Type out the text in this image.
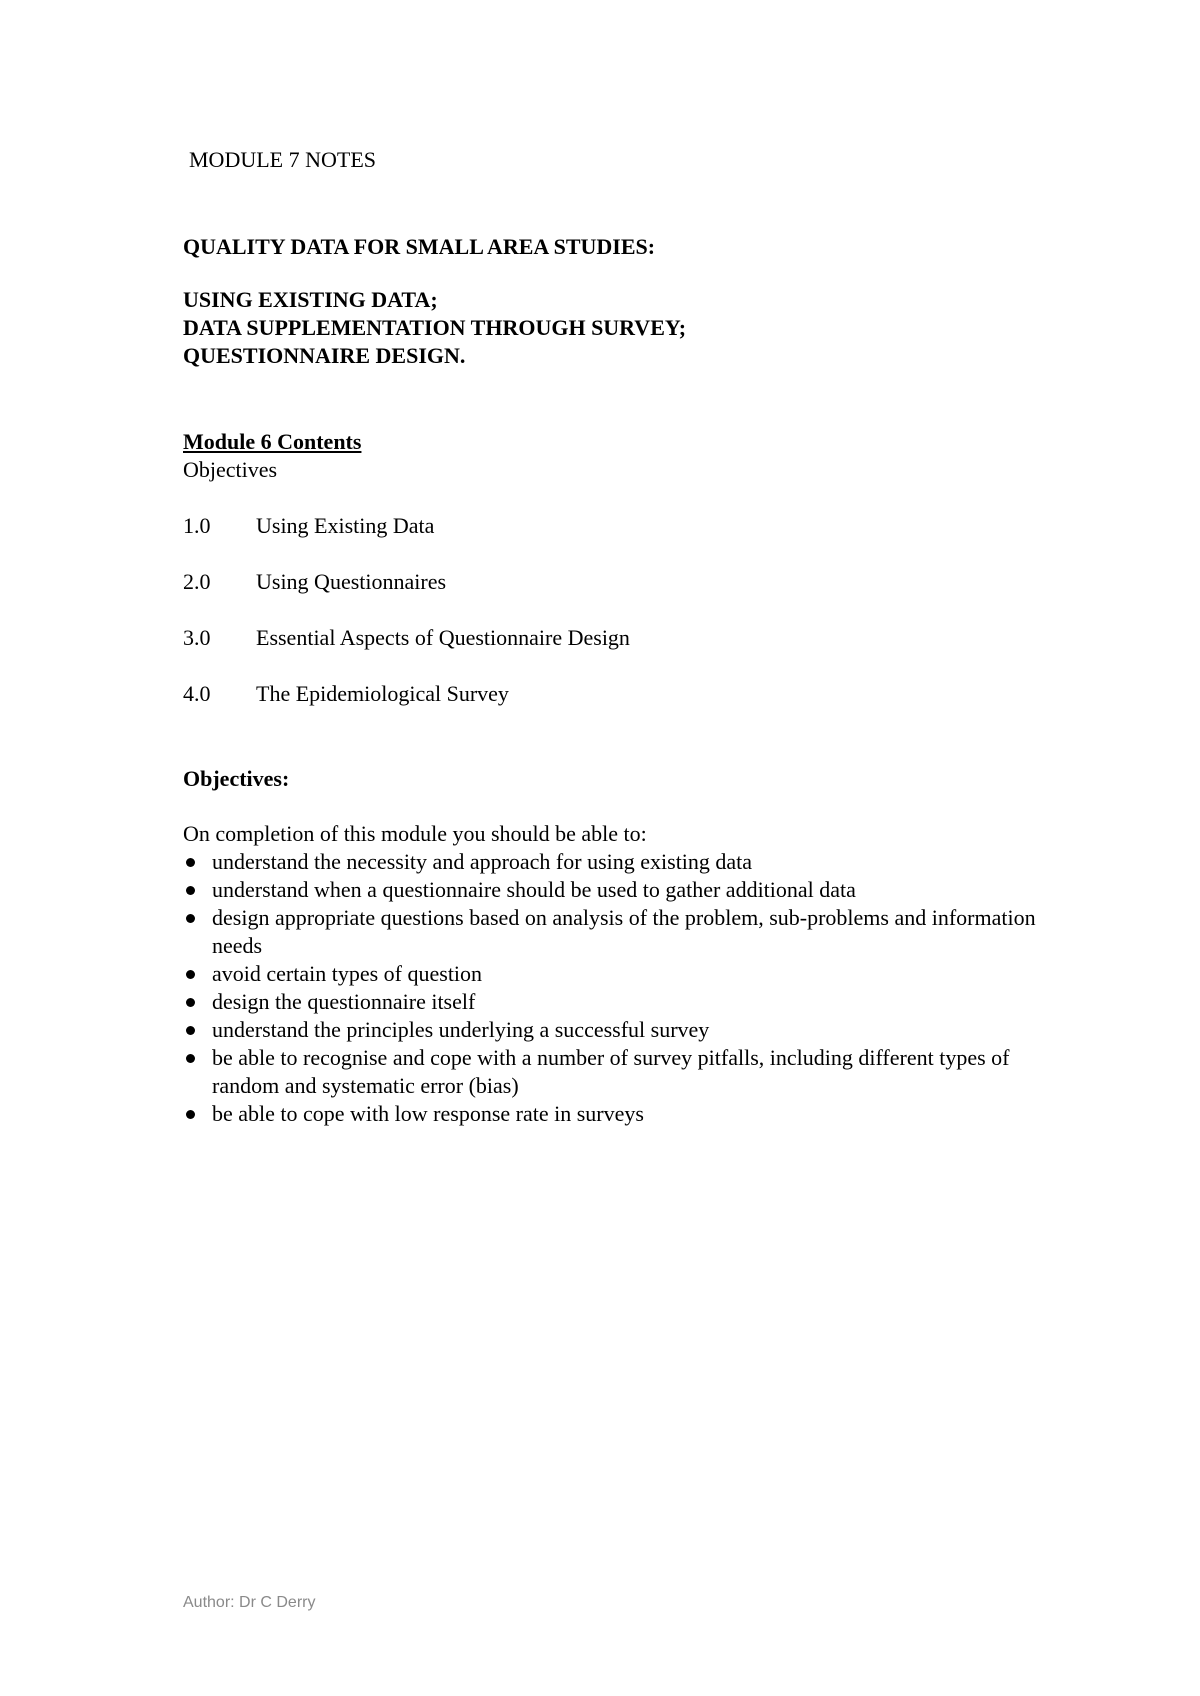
MODULE 7 NOTES
QUALITY DATA FOR SMALL AREA STUDIES:
USING EXISTING DATA;
DATA SUPPLEMENTATION THROUGH SURVEY;
QUESTIONNAIRE DESIGN.
Module 6 Contents
Objectives
1.0 Using Existing Data
2.0 Using Questionnaires
3.0 Essential Aspects of Questionnaire Design
4.0 The Epidemiological Survey
Objectives:
On completion of this module you should be able to:
understand the necessity and approach for using existing data
understand when a questionnaire should be used to gather additional data
design appropriate questions based on analysis of the problem, sub-problems and information needs
avoid certain types of question
design the questionnaire itself
understand the principles underlying a successful survey
be able to recognise and cope with a number of survey pitfalls, including different types of random and systematic error (bias)
be able to cope with low response rate in surveys
Author: Dr C Derry
